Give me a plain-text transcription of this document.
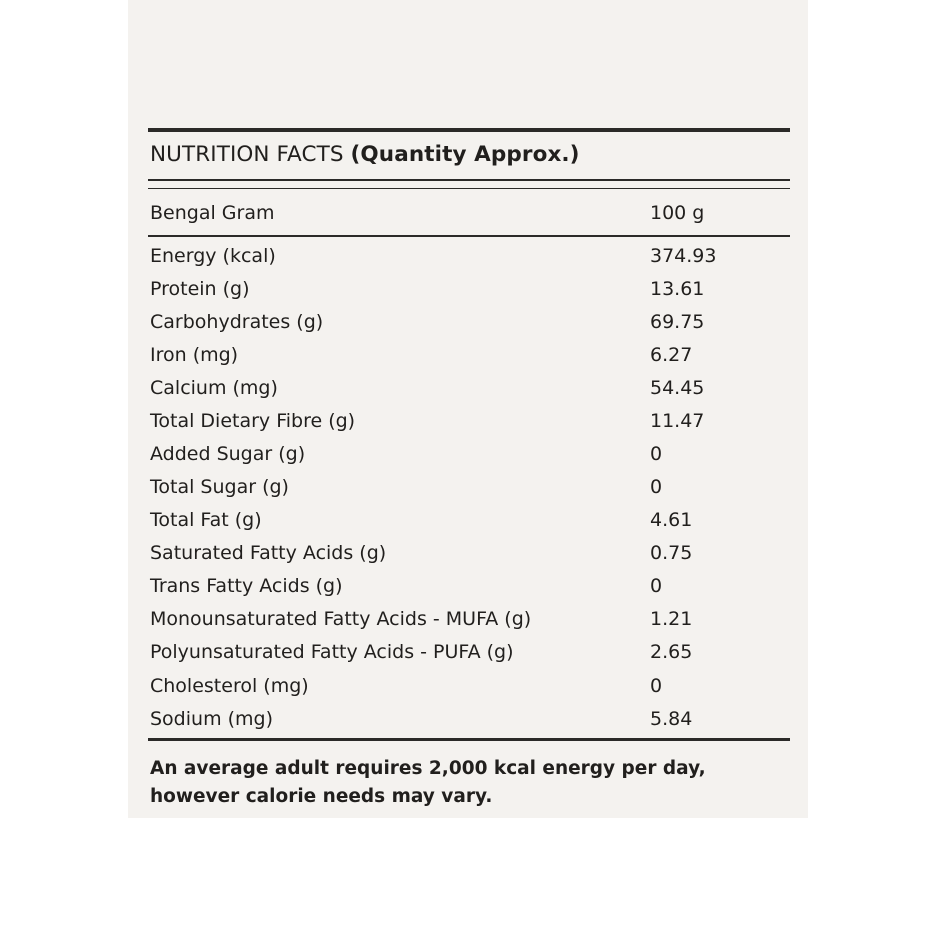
NUTRITION FACTS (Quantity Approx.)
Bengal Gram	100 g
Energy (kcal)	374.93
Protein (g)	13.61
Carbohydrates (g)	69.75
Iron (mg)	6.27
Calcium (mg)	54.45
Total Dietary Fibre (g)	11.47
Added Sugar (g)	0
Total Sugar (g)	0
Total Fat (g)	4.61
Saturated Fatty Acids (g)	0.75
Trans Fatty Acids (g)	0
Monounsaturated Fatty Acids - MUFA (g)	1.21
Polyunsaturated Fatty Acids - PUFA (g)	2.65
Cholesterol (mg)	0
Sodium (mg)	5.84
An average adult requires 2,000 kcal energy per day,
however calorie needs may vary.
